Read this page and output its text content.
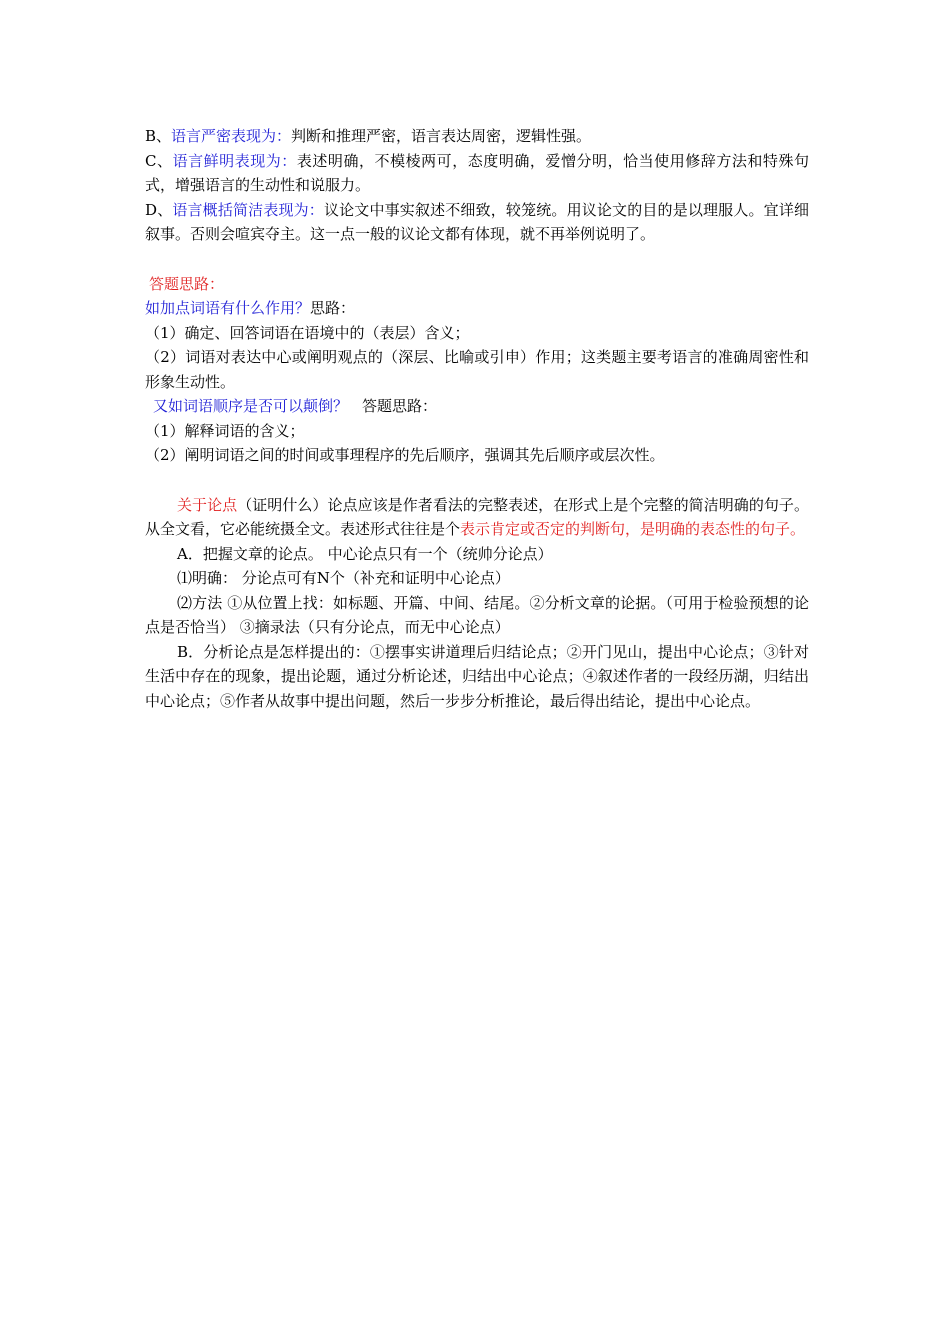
B、语言严密表现为：判断和推理严密，语言表达周密，逻辑性强。

C、语言鲜明表现为：表述明确，不模棱两可，态度明确，爱憎分明，恰当使用修辞方法和特殊句式，增强语言的生动性和说服力。

D、语言概括简洁表现为：议论文中事实叙述不细致，较笼统。用议论文的目的是以理服人。宜详细叙事。否则会喧宾夺主。这一点一般的议论文都有体现，就不再举例说明了。

答题思路：

如加点词语有什么作用？思路：

（1）确定、回答词语在语境中的（表层）含义；

（2）词语对表达中心或阐明观点的（深层、比喻或引申）作用；这类题主要考语言的准确周密性和形象生动性。

又如词语顺序是否可以颠倒？ 答题思路：

（1）解释词语的含义；

（2）阐明词语之间的时间或事理程序的先后顺序，强调其先后顺序或层次性。

关于论点（证明什么）论点应该是作者看法的完整表述，在形式上是个完整的简洁明确的句子。从全文看，它必能统摄全文。表述形式往往是个表示肯定或否定的判断句，是明确的表态性的句子。

A．把握文章的论点。 中心论点只有一个（统帅分论点）

⑴明确： 分论点可有N个（补充和证明中心论点）

⑵方法 ①从位置上找：如标题、开篇、中间、结尾。②分析文章的论据。（可用于检验预想的论点是否恰当） ③摘录法（只有分论点，而无中心论点）

B．分析论点是怎样提出的：①摆事实讲道理后归结论点；②开门见山，提出中心论点；③针对生活中存在的现象，提出论题，通过分析论述，归结出中心论点；④叙述作者的一段经历湖，归结出中心论点；⑤作者从故事中提出问题，然后一步步分析推论，最后得出结论，提出中心论点。
